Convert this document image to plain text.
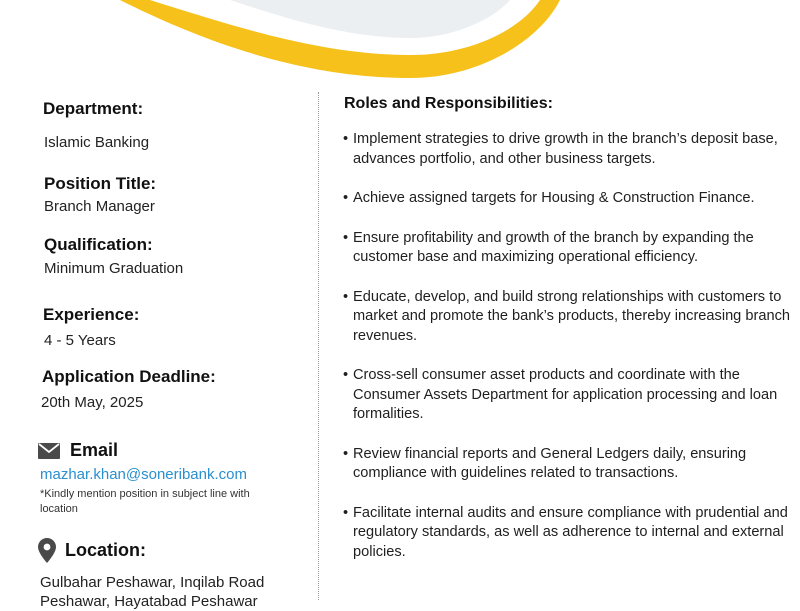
Department:
Islamic Banking
Position Title:
Branch Manager
Qualification:
Minimum Graduation
Experience:
4 - 5 Years
Application Deadline:
20th May, 2025
Email
mazhar.khan@soneribank.com
*Kindly mention position in subject line with location
Location:
Gulbahar Peshawar, Inqilab Road Peshawar, Hayatabad Peshawar
Roles and Responsibilities:
• Implement strategies to drive growth in the branch’s deposit base, advances portfolio, and other business targets.
• Achieve assigned targets for Housing & Construction Finance.
• Ensure profitability and growth of the branch by expanding the customer base and maximizing operational efficiency.
• Educate, develop, and build strong relationships with customers to market and promote the bank’s products, thereby increasing branch revenues.
• Cross-sell consumer asset products and coordinate with the Consumer Assets Department for application processing and loan formalities.
• Review financial reports and General Ledgers daily, ensuring compliance with guidelines related to transactions.
• Facilitate internal audits and ensure compliance with prudential and regulatory standards, as well as adherence to internal and external policies.
